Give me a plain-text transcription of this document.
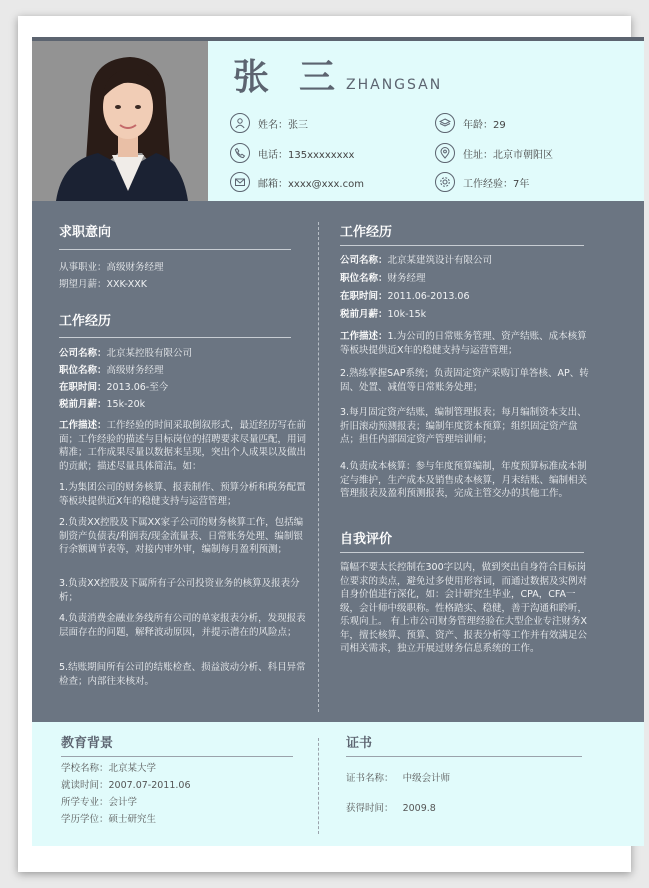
张三
ZHANGSAN
姓名：张三	年龄：29
电话：135xxxxxxxx	住址：北京市朝阳区
邮箱：xxxx@xxx.com	工作经验：7年
求职意向
从事职业：高级财务经理
期望月薪：XXK-XXK
工作经历
公司名称：北京某控股有限公司
职位名称：高级财务经理
在职时间：2013.06-至今
税前月薪：15k-20k
工作描述：工作经验的时间采取倒叙形式，最近经历写在前面；工作经验的描述与目标岗位的招聘要求尽量匹配，用词精准；工作成果尽量以数据来呈现，突出个人成果以及做出的贡献；描述尽量具体简洁。如：
1.为集团公司的财务核算、报表制作、预算分析和税务配置等板块提供近X年的稳健支持与运营管理；
2.负责XX控股及下属XX家子公司的财务核算工作，包括编制资产负债表/利润表/现金流量表、日常账务处理、编制银行余额调节表等，对接内审外审，编制每月盈利预测；
3.负责XX控股及下属所有子公司投资业务的核算及报表分析；
4.负责消费金融业务线所有公司的单家报表分析，发现报表层面存在的问题，解释波动原因，并提示潜在的风险点；
5.结账期间所有公司的结账检查、损益波动分析、科目异常检查；内部往来核对。
工作经历
公司名称：北京某建筑设计有限公司
职位名称：财务经理
在职时间：2011.06-2013.06
税前月薪：10k-15k
工作描述：1.为公司的日常账务管理、资产结账、成本核算等板块提供近X年的稳健支持与运营管理；
2.熟练掌握SAP系统；负责固定资产采购订单答核、AP、转固、处置、减值等日常账务处理；
3.每月固定资产结账，编制管理报表；每月编制资本支出、折旧滚动预测报表；编制年度资本预算；组织固定资产盘点；担任内部固定资产管理培训师；
4.负责成本核算：参与年度预算编制，年度预算标准成本制定与维护，生产成本及销售成本核算，月末结账、编制相关管理报表及盈利预测报表，完成主管交办的其他工作。
自我评价
篇幅不要太长控制在300字以内，做到突出自身符合目标岗位要求的卖点，避免过多使用形容词，而通过数据及实例对自身价值进行深化，如：会计研究生毕业，CPA，CFA一级，会计师中级职称。性格踏实、稳健，善于沟通和聆听，乐观向上。 有上市公司财务管理经验在大型企业专注财务X年，擅长核算、预算、资产、报表分析等工作并有效满足公司相关需求，独立开展过财务信息系统的工作。
教育背景
学校名称：北京某大学
就读时间：2007.07-2011.06
所学专业：会计学
学历学位：硕士研究生
证书
证书名称： 中级会计师
获得时间： 2009.8
